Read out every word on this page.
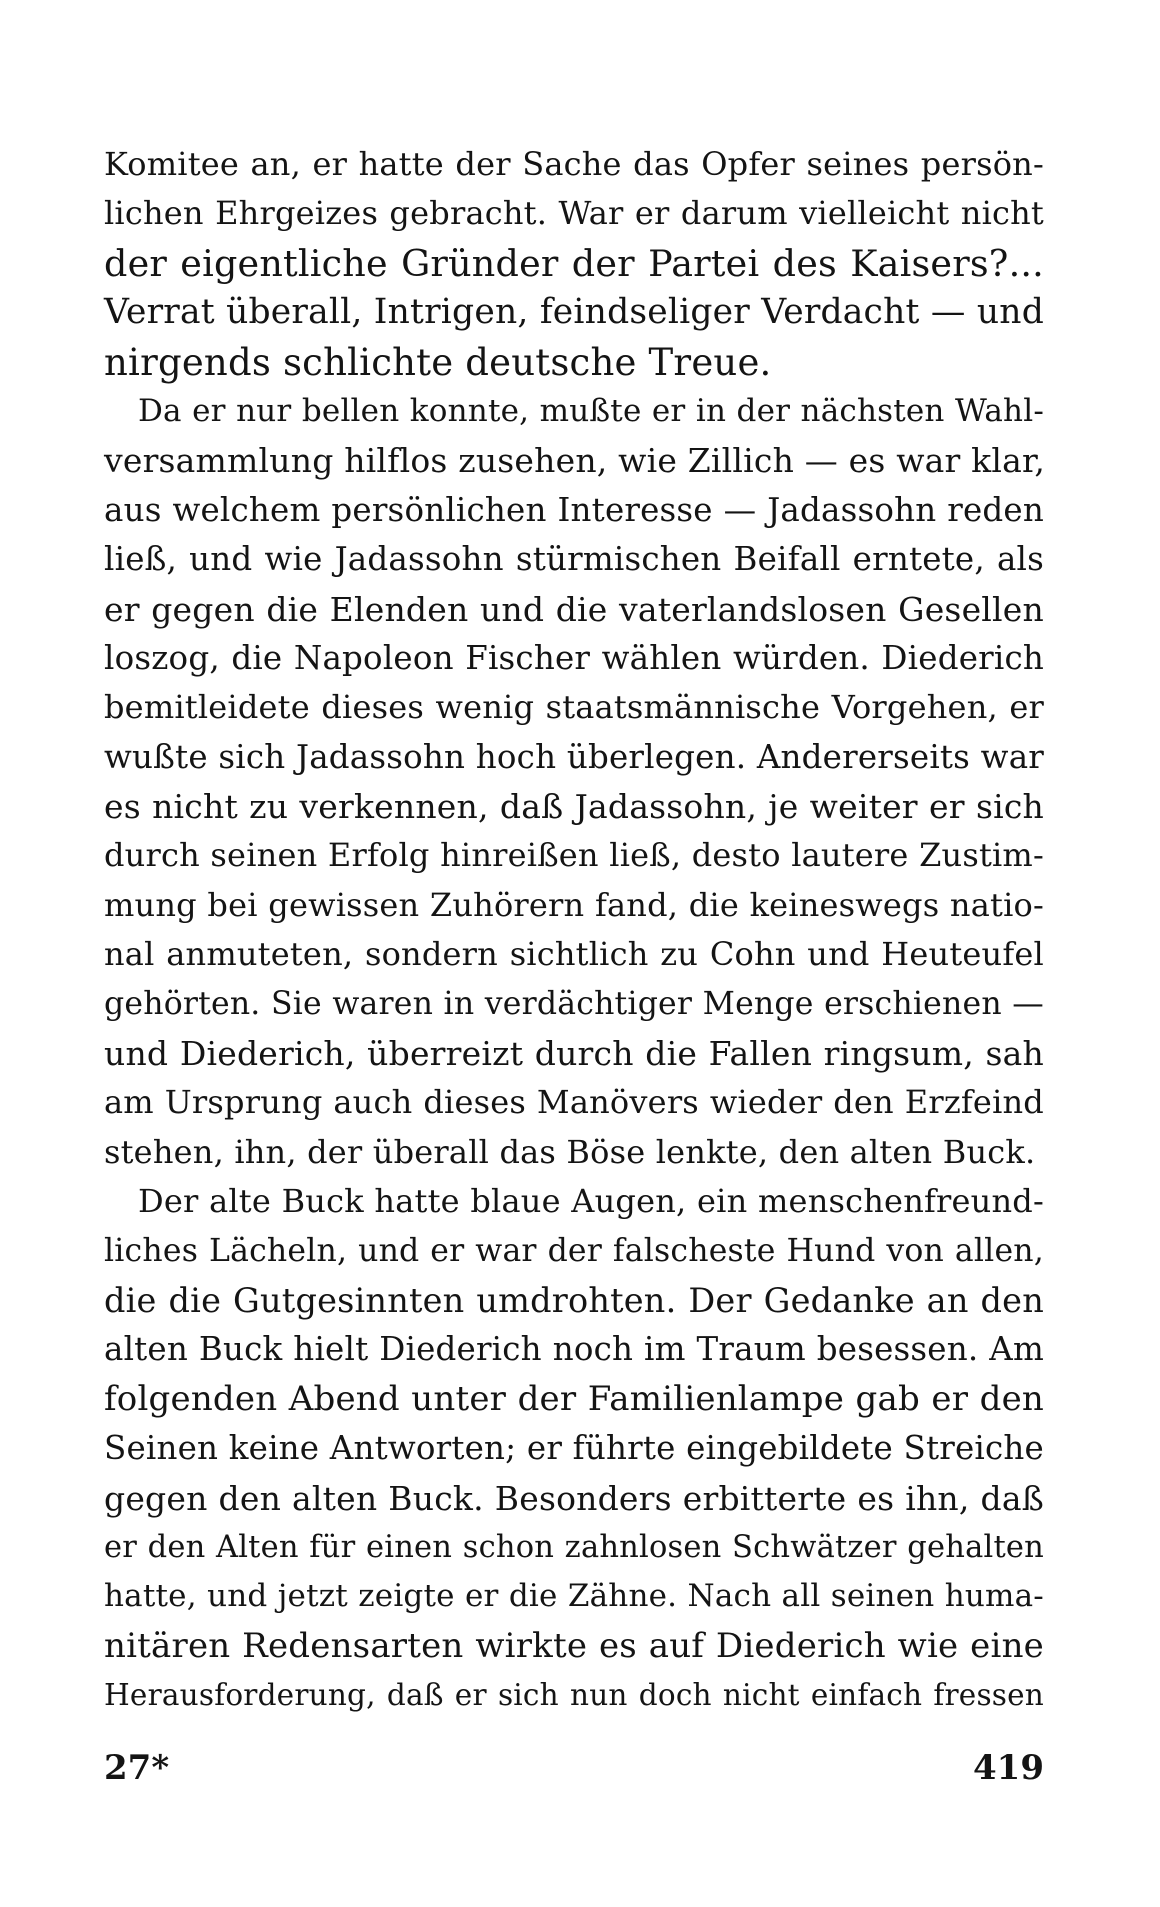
Komitee an, er hatte der Sache das Opfer seines persön-
lichen Ehrgeizes gebracht. War er darum vielleicht nicht
der eigentliche Gründer der Partei des Kaisers?...
Verrat überall, Intrigen, feindseliger Verdacht — und
nirgends schlichte deutsche Treue.
Da er nur bellen konnte, mußte er in der nächsten Wahl-
versammlung hilflos zusehen, wie Zillich — es war klar,
aus welchem persönlichen Interesse — Jadassohn reden
ließ, und wie Jadassohn stürmischen Beifall erntete, als
er gegen die Elenden und die vaterlandslosen Gesellen
loszog, die Napoleon Fischer wählen würden. Diederich
bemitleidete dieses wenig staatsmännische Vorgehen, er
wußte sich Jadassohn hoch überlegen. Andererseits war
es nicht zu verkennen, daß Jadassohn, je weiter er sich
durch seinen Erfolg hinreißen ließ, desto lautere Zustim-
mung bei gewissen Zuhörern fand, die keineswegs natio-
nal anmuteten, sondern sichtlich zu Cohn und Heuteufel
gehörten. Sie waren in verdächtiger Menge erschienen —
und Diederich, überreizt durch die Fallen ringsum, sah
am Ursprung auch dieses Manövers wieder den Erzfeind
stehen, ihn, der überall das Böse lenkte, den alten Buck.
Der alte Buck hatte blaue Augen, ein menschenfreund-
liches Lächeln, und er war der falscheste Hund von allen,
die die Gutgesinnten umdrohten. Der Gedanke an den
alten Buck hielt Diederich noch im Traum besessen. Am
folgenden Abend unter der Familienlampe gab er den
Seinen keine Antworten; er führte eingebildete Streiche
gegen den alten Buck. Besonders erbitterte es ihn, daß
er den Alten für einen schon zahnlosen Schwätzer gehalten
hatte, und jetzt zeigte er die Zähne. Nach all seinen huma-
nitären Redensarten wirkte es auf Diederich wie eine
Herausforderung, daß er sich nun doch nicht einfach fressen
27*	419
